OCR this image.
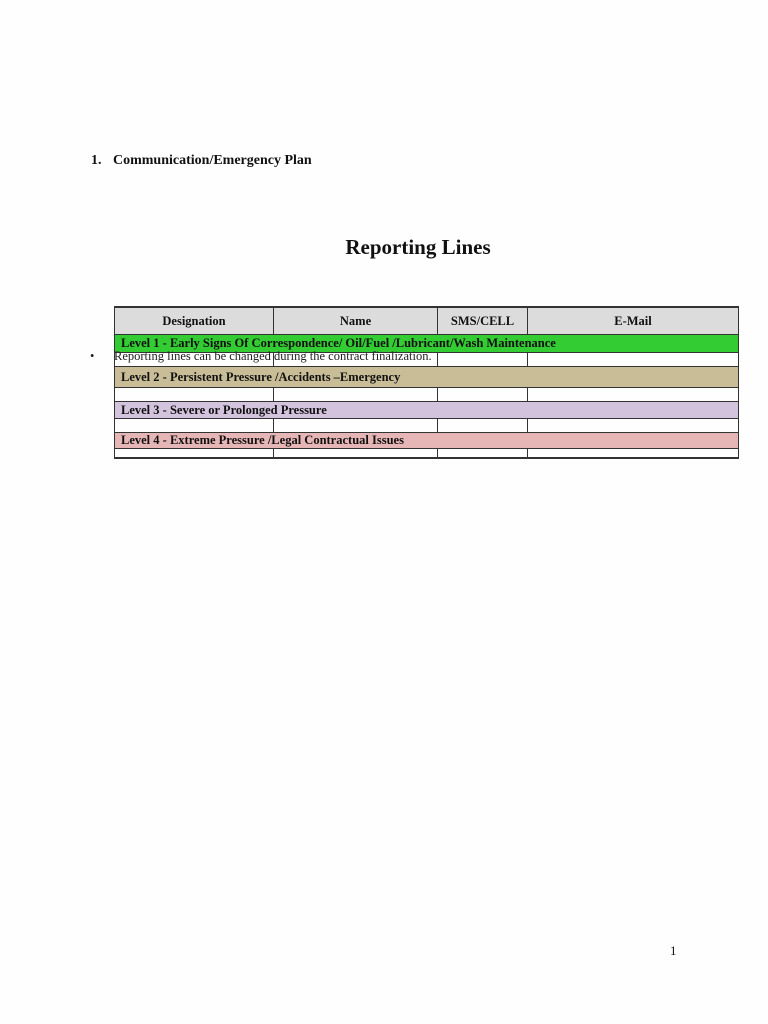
1. Communication/Emergency Plan
Reporting Lines
Designation	Name	SMS/CELL	E-Mail
Level 1 - Early Signs Of Correspondence/ Oil/Fuel /Lubricant/Wash Maintenance			

Level 2 - Persistent Pressure /Accidents –Emergency			

Level 3 - Severe or Prolonged Pressure			

Level 4 - Extreme Pressure /Legal Contractual Issues			

• Reporting lines can be changed during the contract finalization.
1
